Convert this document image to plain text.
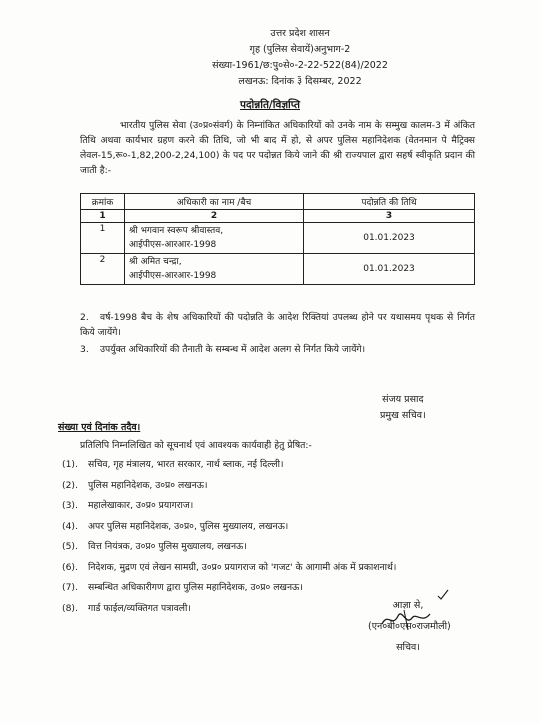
उत्तर प्रदेश शासन
गृह (पुलिस सेवायें)अनुभाग-2
संख्या-1961/छ:पु०से०-2-22-522(84)/2022
लखनऊ: दिनांक ३̃ दिसम्बर, 2022
पदोन्नति/विज्ञप्ति
भारतीय पुलिस सेवा (उ०प्र०संवर्ग) के निम्नांकित अधिकारियों को उनके नाम के सम्मुख कालम-3 में अंकित तिथि अथवा कार्यभार ग्रहण करने की तिथि, जो भी बाद में हो, से अपर पुलिस महानिदेशक (वेतनमान पे मैट्रिक्स लेवल-15,रू०-1,82,200-2,24,100) के पद पर पदोन्नत किये जाने की श्री राज्यपाल द्वारा सहर्ष स्वीकृति प्रदान की जाती है:-
क्रमांक	अधिकारी का नाम /बैच	पदोन्नति की तिथि
1	2	3
1	श्री भगवान स्वरूप श्रीवास्तव,
आईपीएस-आरआर-1998	01.01.2023
2	श्री अमित चन्द्रा,
आईपीएस-आरआर-1998	01.01.2023
2. वर्ष-1998 बैच के शेष अधिकारियों की पदोन्नति के आदेश रिक्तियां उपलब्ध होने पर यथासमय पृथक से निर्गत किये जायेंगे।
3. उपर्युक्त अधिकारियों की तैनाती के सम्बन्ध में आदेश अलग से निर्गत किये जायेंगे।
संजय प्रसाद
प्रमुख सचिव।
संख्या एवं दिनांक तदैव।
प्रतिलिपि निम्नलिखित को सूचनार्थ एवं आवश्यक कार्यवाही हेतु प्रेषित:-
(1). सचिव, गृह मंत्रालय, भारत सरकार, नार्थ ब्लाक, नई दिल्ली।
(2). पुलिस महानिदेशक, उ०प्र० लखनऊ।
(3). महालेखाकार, उ०प्र० प्रयागराज।
(4). अपर पुलिस महानिदेशक, उ०प्र०, पुलिस मुख्यालय, लखनऊ।
(5). वित्त नियंत्रक, उ०प्र० पुलिस मुख्यालय, लखनऊ।
(6). निदेशक, मुद्रण एवं लेखन सामग्री, उ०प्र० प्रयागराज को 'गजट' के आगामी अंक में प्रकाशनार्थ।
(7). सम्बन्धित अधिकारीगण द्वारा पुलिस महानिदेशक, उ०प्र० लखनऊ।
(8). गार्ड फाईल/व्यक्तिगत पत्रावली।	आज्ञा से,
(एन०बी०एस०राजमौली)
सचिव।
